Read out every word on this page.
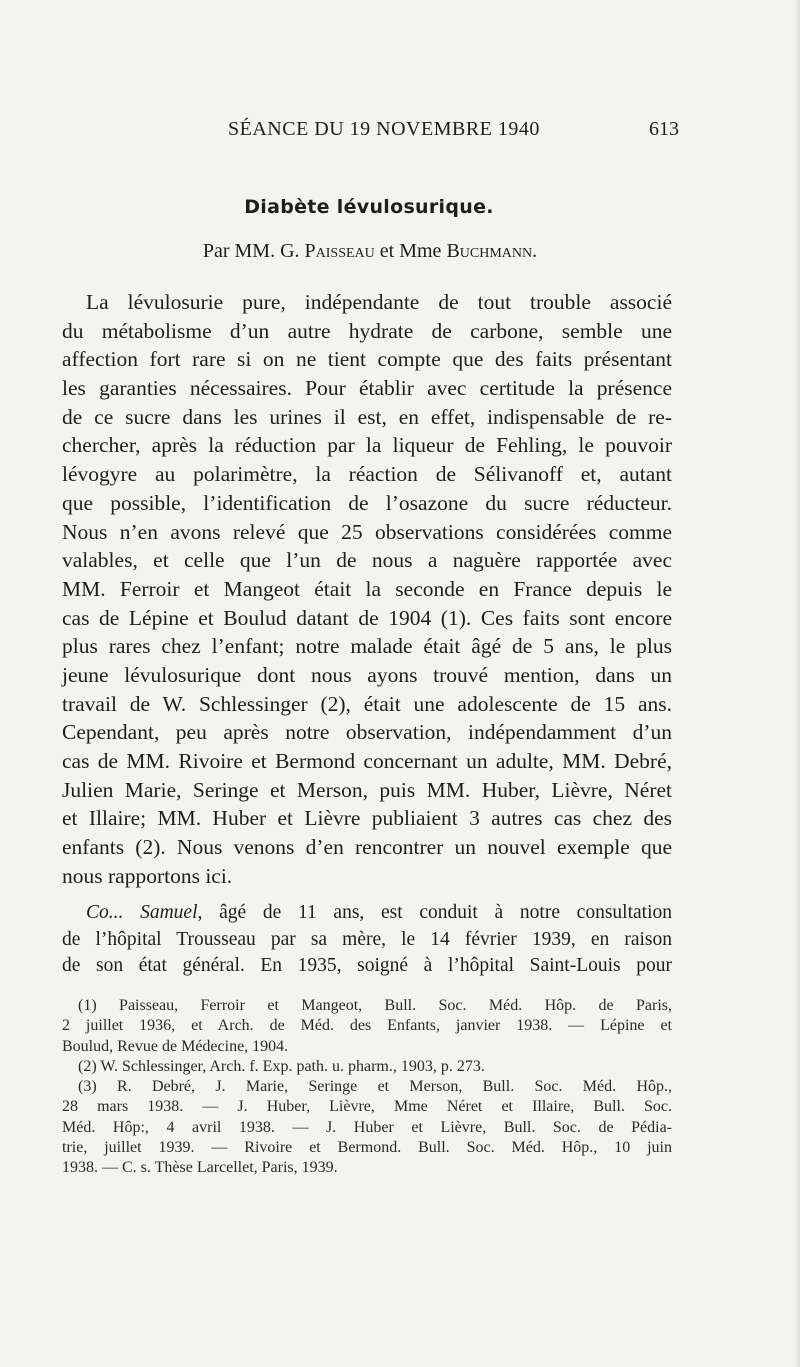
SÉANCE DU 19 NOVEMBRE 1940	613
Diabète lévulosurique.
Par MM. G. Paisseau et Mme Buchmann.
La lévulosurie pure, indépendante de tout trouble associé
du métabolisme d’un autre hydrate de carbone, semble une
affection fort rare si on ne tient compte que des faits présentant
les garanties nécessaires. Pour établir avec certitude la présence
de ce sucre dans les urines il est, en effet, indispensable de re-
chercher, après la réduction par la liqueur de Fehling, le pouvoir
lévogyre au polarimètre, la réaction de Sélivanoff et, autant
que possible, l’identification de l’osazone du sucre réducteur.
Nous n’en avons relevé que 25 observations considérées comme
valables, et celle que l’un de nous a naguère rapportée avec
MM. Ferroir et Mangeot était la seconde en France depuis le
cas de Lépine et Boulud datant de 1904 (1). Ces faits sont encore
plus rares chez l’enfant; notre malade était âgé de 5 ans, le plus
jeune lévulosurique dont nous ayons trouvé mention, dans un
travail de W. Schlessinger (2), était une adolescente de 15 ans.
Cependant, peu après notre observation, indépendamment d’un
cas de MM. Rivoire et Bermond concernant un adulte, MM. Debré,
Julien Marie, Seringe et Merson, puis MM. Huber, Lièvre, Néret
et Illaire; MM. Huber et Lièvre publiaient 3 autres cas chez des
enfants (2). Nous venons d’en rencontrer un nouvel exemple que
nous rapportons ici.
Co... Samuel, âgé de 11 ans, est conduit à notre consultation
de l’hôpital Trousseau par sa mère, le 14 février 1939, en raison
de son état général. En 1935, soigné à l’hôpital Saint-Louis pour
(1) Paisseau, Ferroir et Mangeot, Bull. Soc. Méd. Hôp. de Paris,
2 juillet 1936, et Arch. de Méd. des Enfants, janvier 1938. — Lépine et
Boulud, Revue de Médecine, 1904.
(2) W. Schlessinger, Arch. f. Exp. path. u. pharm., 1903, p. 273.
(3) R. Debré, J. Marie, Seringe et Merson, Bull. Soc. Méd. Hôp.,
28 mars 1938. — J. Huber, Lièvre, Mme Néret et Illaire, Bull. Soc.
Méd. Hôp:, 4 avril 1938. — J. Huber et Lièvre, Bull. Soc. de Pédia-
trie, juillet 1939. — Rivoire et Bermond. Bull. Soc. Méd. Hôp., 10 juin
1938. — C. s. Thèse Larcellet, Paris, 1939.
